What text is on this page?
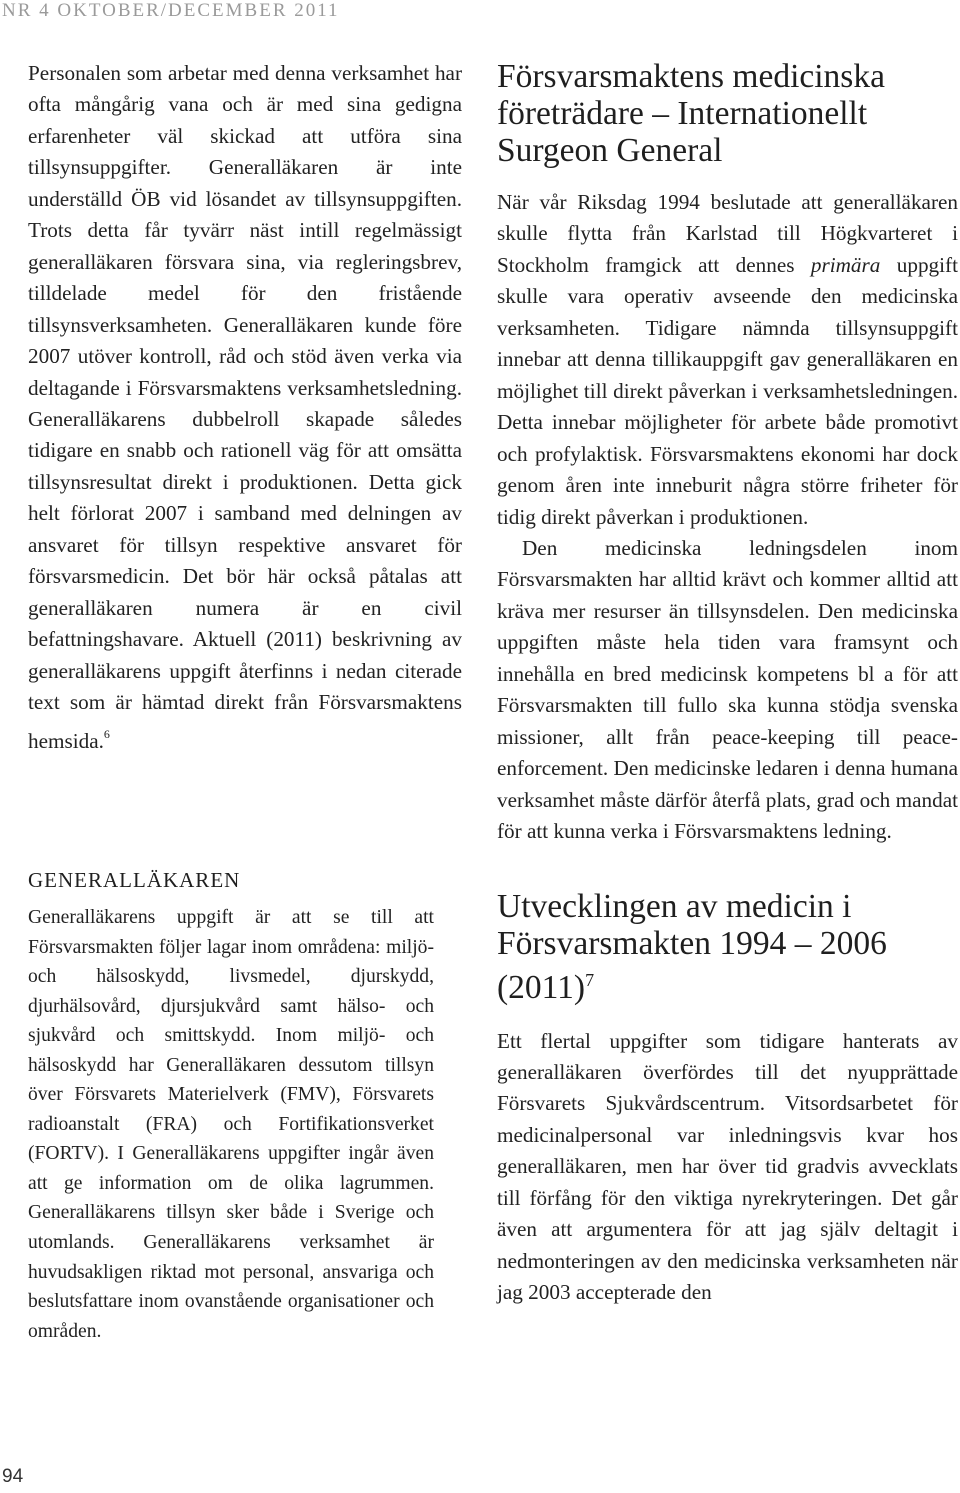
NR 4 OKTOBER/DECEMBER 2011

Personalen som arbetar med denna verksamhet har ofta mångårig vana och är med sina gedigna erfarenheter väl skickad att utföra sina tillsynsuppgifter. Generalläkaren är inte underställd ÖB vid lösandet av tillsynsuppgiften. Trots detta får tyvärr näst intill regelmässigt generalläkaren försvara sina, via regleringsbrev, tilldelade medel för den fristående tillsynsverksamheten. Generalläkaren kunde före 2007 utöver kontroll, råd och stöd även verka via deltagande i Försvarsmaktens verksamhetsledning. Generalläkarens dubbelroll skapade således tidigare en snabb och rationell väg för att omsätta tillsynsresultat direkt i produktionen. Detta gick helt förlorat 2007 i samband med delningen av ansvaret för tillsyn respektive ansvaret för försvarsmedicin. Det bör här också påtalas att generalläkaren numera är en civil befattningshavare. Aktuell (2011) beskrivning av generalläkarens uppgift återfinns i nedan citerade text som är hämtad direkt från Försvarsmaktens hemsida.$^6$

GENERALLÄKAREN
Generalläkarens uppgift är att se till att Försvarsmakten följer lagar inom områdena: miljö- och hälsoskydd, livsmedel, djurskydd, djurhälsovård, djursjukvård samt hälso- och sjukvård och smittskydd. Inom miljö- och hälsoskydd har Generalläkaren dessutom tillsyn över Försvarets Materielverk (FMV), Försvarets radioanstalt (FRA) och Fortifikationsverket (FORTV). I Generalläkarens uppgifter ingår även att ge information om de olika lagrummen. Generalläkarens tillsyn sker både i Sverige och utomlands. Generalläkarens verksamhet är huvudsakligen riktad mot personal, ansvariga och beslutsfattare inom ovanstående organisationer och områden.
Försvarsmaktens medicinska företrädare – Internationellt Surgeon General

När vår Riksdag 1994 beslutade att generalläkaren skulle flytta från Karlstad till Högkvarteret i Stockholm framgick att dennes primära uppgift skulle vara operativ avseende den medicinska verksamheten. Tidigare nämnda tillsynsuppgift innebar att denna tillikauppgift gav generalläkaren en möjlighet till direkt påverkan i verksamhetsledningen. Detta innebar möjligheter för arbete både promotivt och profylaktisk. Försvarsmaktens ekonomi har dock genom åren inte inneburit några större friheter för tidig direkt påverkan i produktionen.

Den medicinska ledningsdelen inom Försvarsmakten har alltid krävt och kommer alltid att kräva mer resurser än tillsynsdelen. Den medicinska uppgiften måste hela tiden vara framsynt och innehålla en bred medicinsk kompetens bl a för att Försvarsmakten till fullo ska kunna stödja svenska missioner, allt från peace-keeping till peace-enforcement. Den medicinske ledaren i denna humana verksamhet måste därför återfå plats, grad och mandat för att kunna verka i Försvarsmaktens ledning.

Utvecklingen av medicin i Försvarsmakten 1994 – 2006 $(2011)^7$

Ett flertal uppgifter som tidigare hanterats av generalläkaren överfördes till det nyupprättade Försvarets Sjukvårdscentrum. Vitsordsarbetet för medicinalpersonal var inledningsvis kvar hos generalläkaren, men har över tid gradvis avvecklats till förfång för den viktiga nyrekryteringen. Det går även att argumentera för att jag själv deltagit i nedmonteringen av den medicinska verksamheten när jag 2003 accepterade den

94
